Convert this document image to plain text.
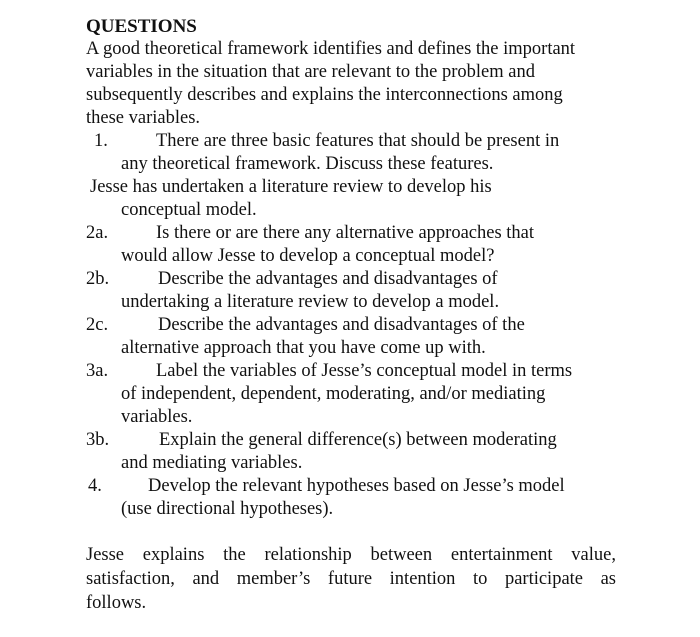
QUESTIONS

A good theoretical framework identifies and defines the important
variables in the situation that are relevant to the problem and
subsequently describes and explains the interconnections among
these variables.

1.	There are three basic features that should be present in
any theoretical framework. Discuss these features.
Jesse has undertaken a literature review to develop his
conceptual model.
2a.	Is there or are there any alternative approaches that
would allow Jesse to develop a conceptual model?
2b.	Describe the advantages and disadvantages of
undertaking a literature review to develop a model.
2c.	Describe the advantages and disadvantages of the
alternative approach that you have come up with.
3a.	Label the variables of Jesse’s conceptual model in terms
of independent, dependent, moderating, and/or mediating
variables.
3b.	Explain the general difference(s) between moderating
and mediating variables.
4.	Develop the relevant hypotheses based on Jesse’s model
(use directional hypotheses).

Jesse explains the relationship between entertainment value,
satisfaction, and member’s future intention to participate as
follows.
